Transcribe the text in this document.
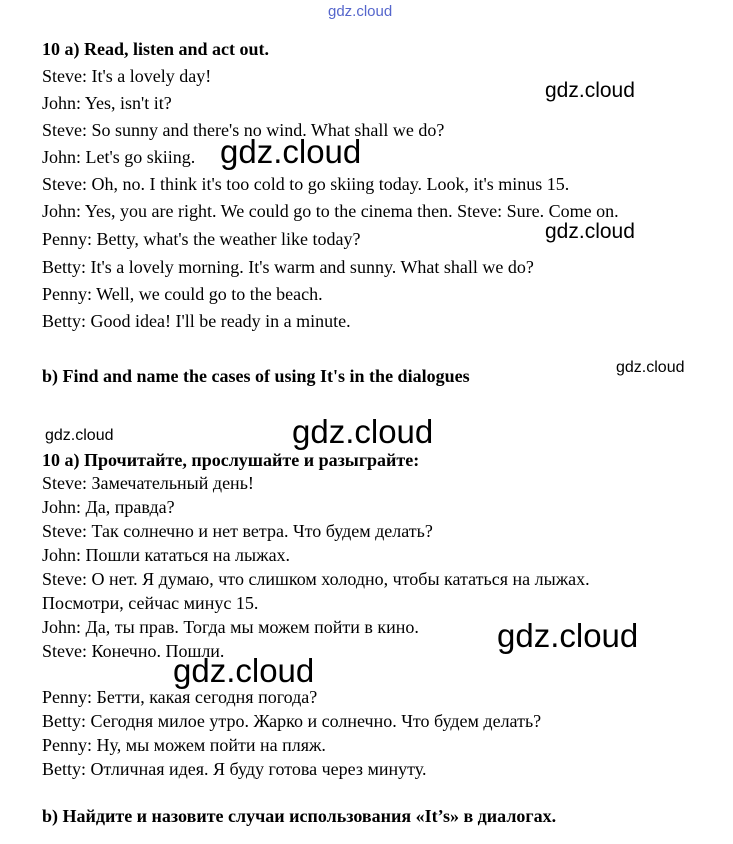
gdz.cloud
gdz.cloud
gdz.cloud
gdz.cloud
gdz.cloud
gdz.cloud	gdz.cloud
gdz.cloud
gdz.cloud
10 a) Read, listen and act out.
Steve: It's a lovely day!
John: Yes, isn't it?
Steve: So sunny and there's no wind. What shall we do?
John: Let's go skiing.
Steve: Oh, no. I think it's too cold to go skiing today. Look, it's minus 15.
John: Yes, you are right. We could go to the cinema then. Steve: Sure. Come on.
Penny: Betty, what's the weather like today?
Betty: It's a lovely morning. It's warm and sunny. What shall we do?
Penny: Well, we could go to the beach.
Betty: Good idea! I'll be ready in a minute.
b) Find and name the cases of using It's in the dialogues
10 a) Прочитайте, прослушайте и разыграйте:
Steve: Замечательный день!
John: Да, правда?
Steve: Так солнечно и нет ветра. Что будем делать?
John: Пошли кататься на лыжах.
Steve: О нет. Я думаю, что слишком холодно, чтобы кататься на лыжах.
Посмотри, сейчас минус 15.
John: Да, ты прав. Тогда мы можем пойти в кино.
Steve: Конечно. Пошли.
Penny: Бетти, какая сегодня погода?
Betty: Сегодня милое утро. Жарко и солнечно. Что будем делать?
Penny: Ну, мы можем пойти на пляж.
Betty: Отличная идея. Я буду готова через минуту.
b) Найдите и назовите случаи использования «It’s» в диалогах.
